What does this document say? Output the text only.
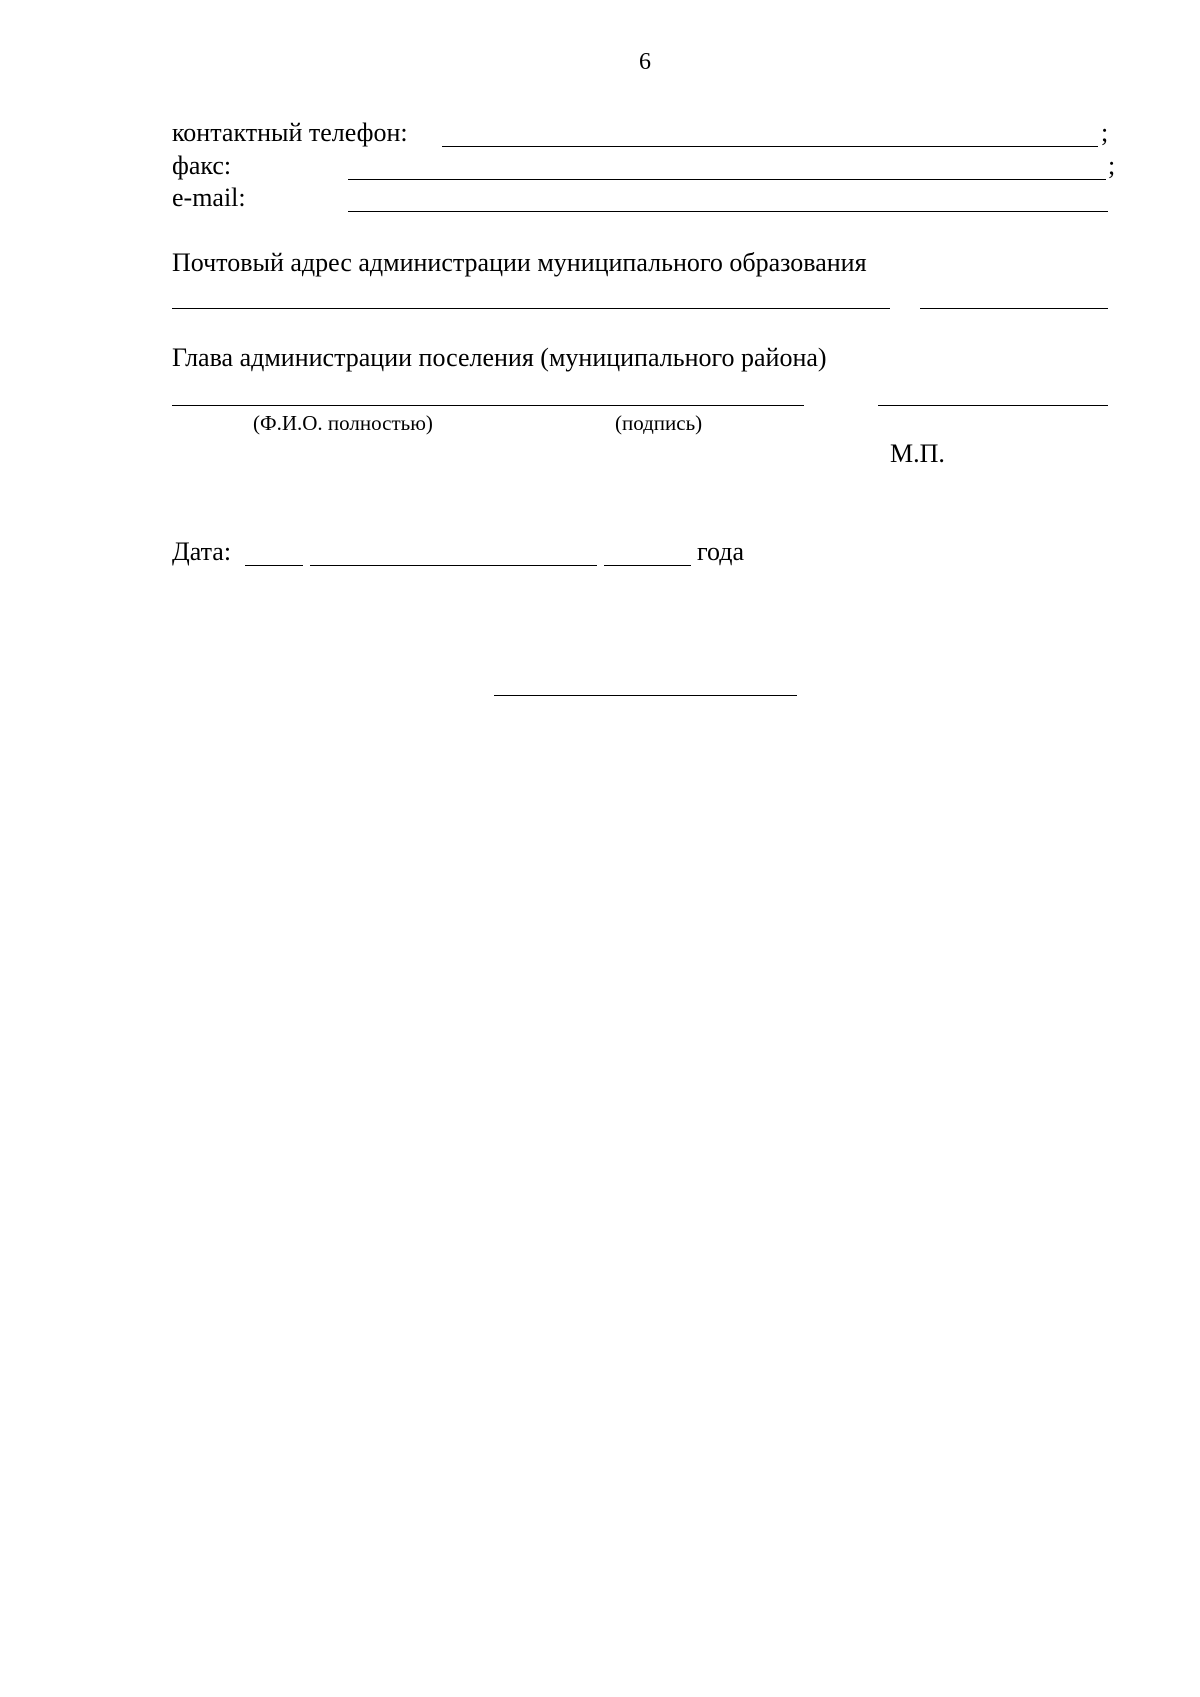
6
контактный телефон:	;
факс:	;
e-mail:
Почтовый адрес администрации муниципального образования
Глава администрации поселения (муниципального района)
(Ф.И.О. полностью)	(подпись)
М.П.
Дата:	года
